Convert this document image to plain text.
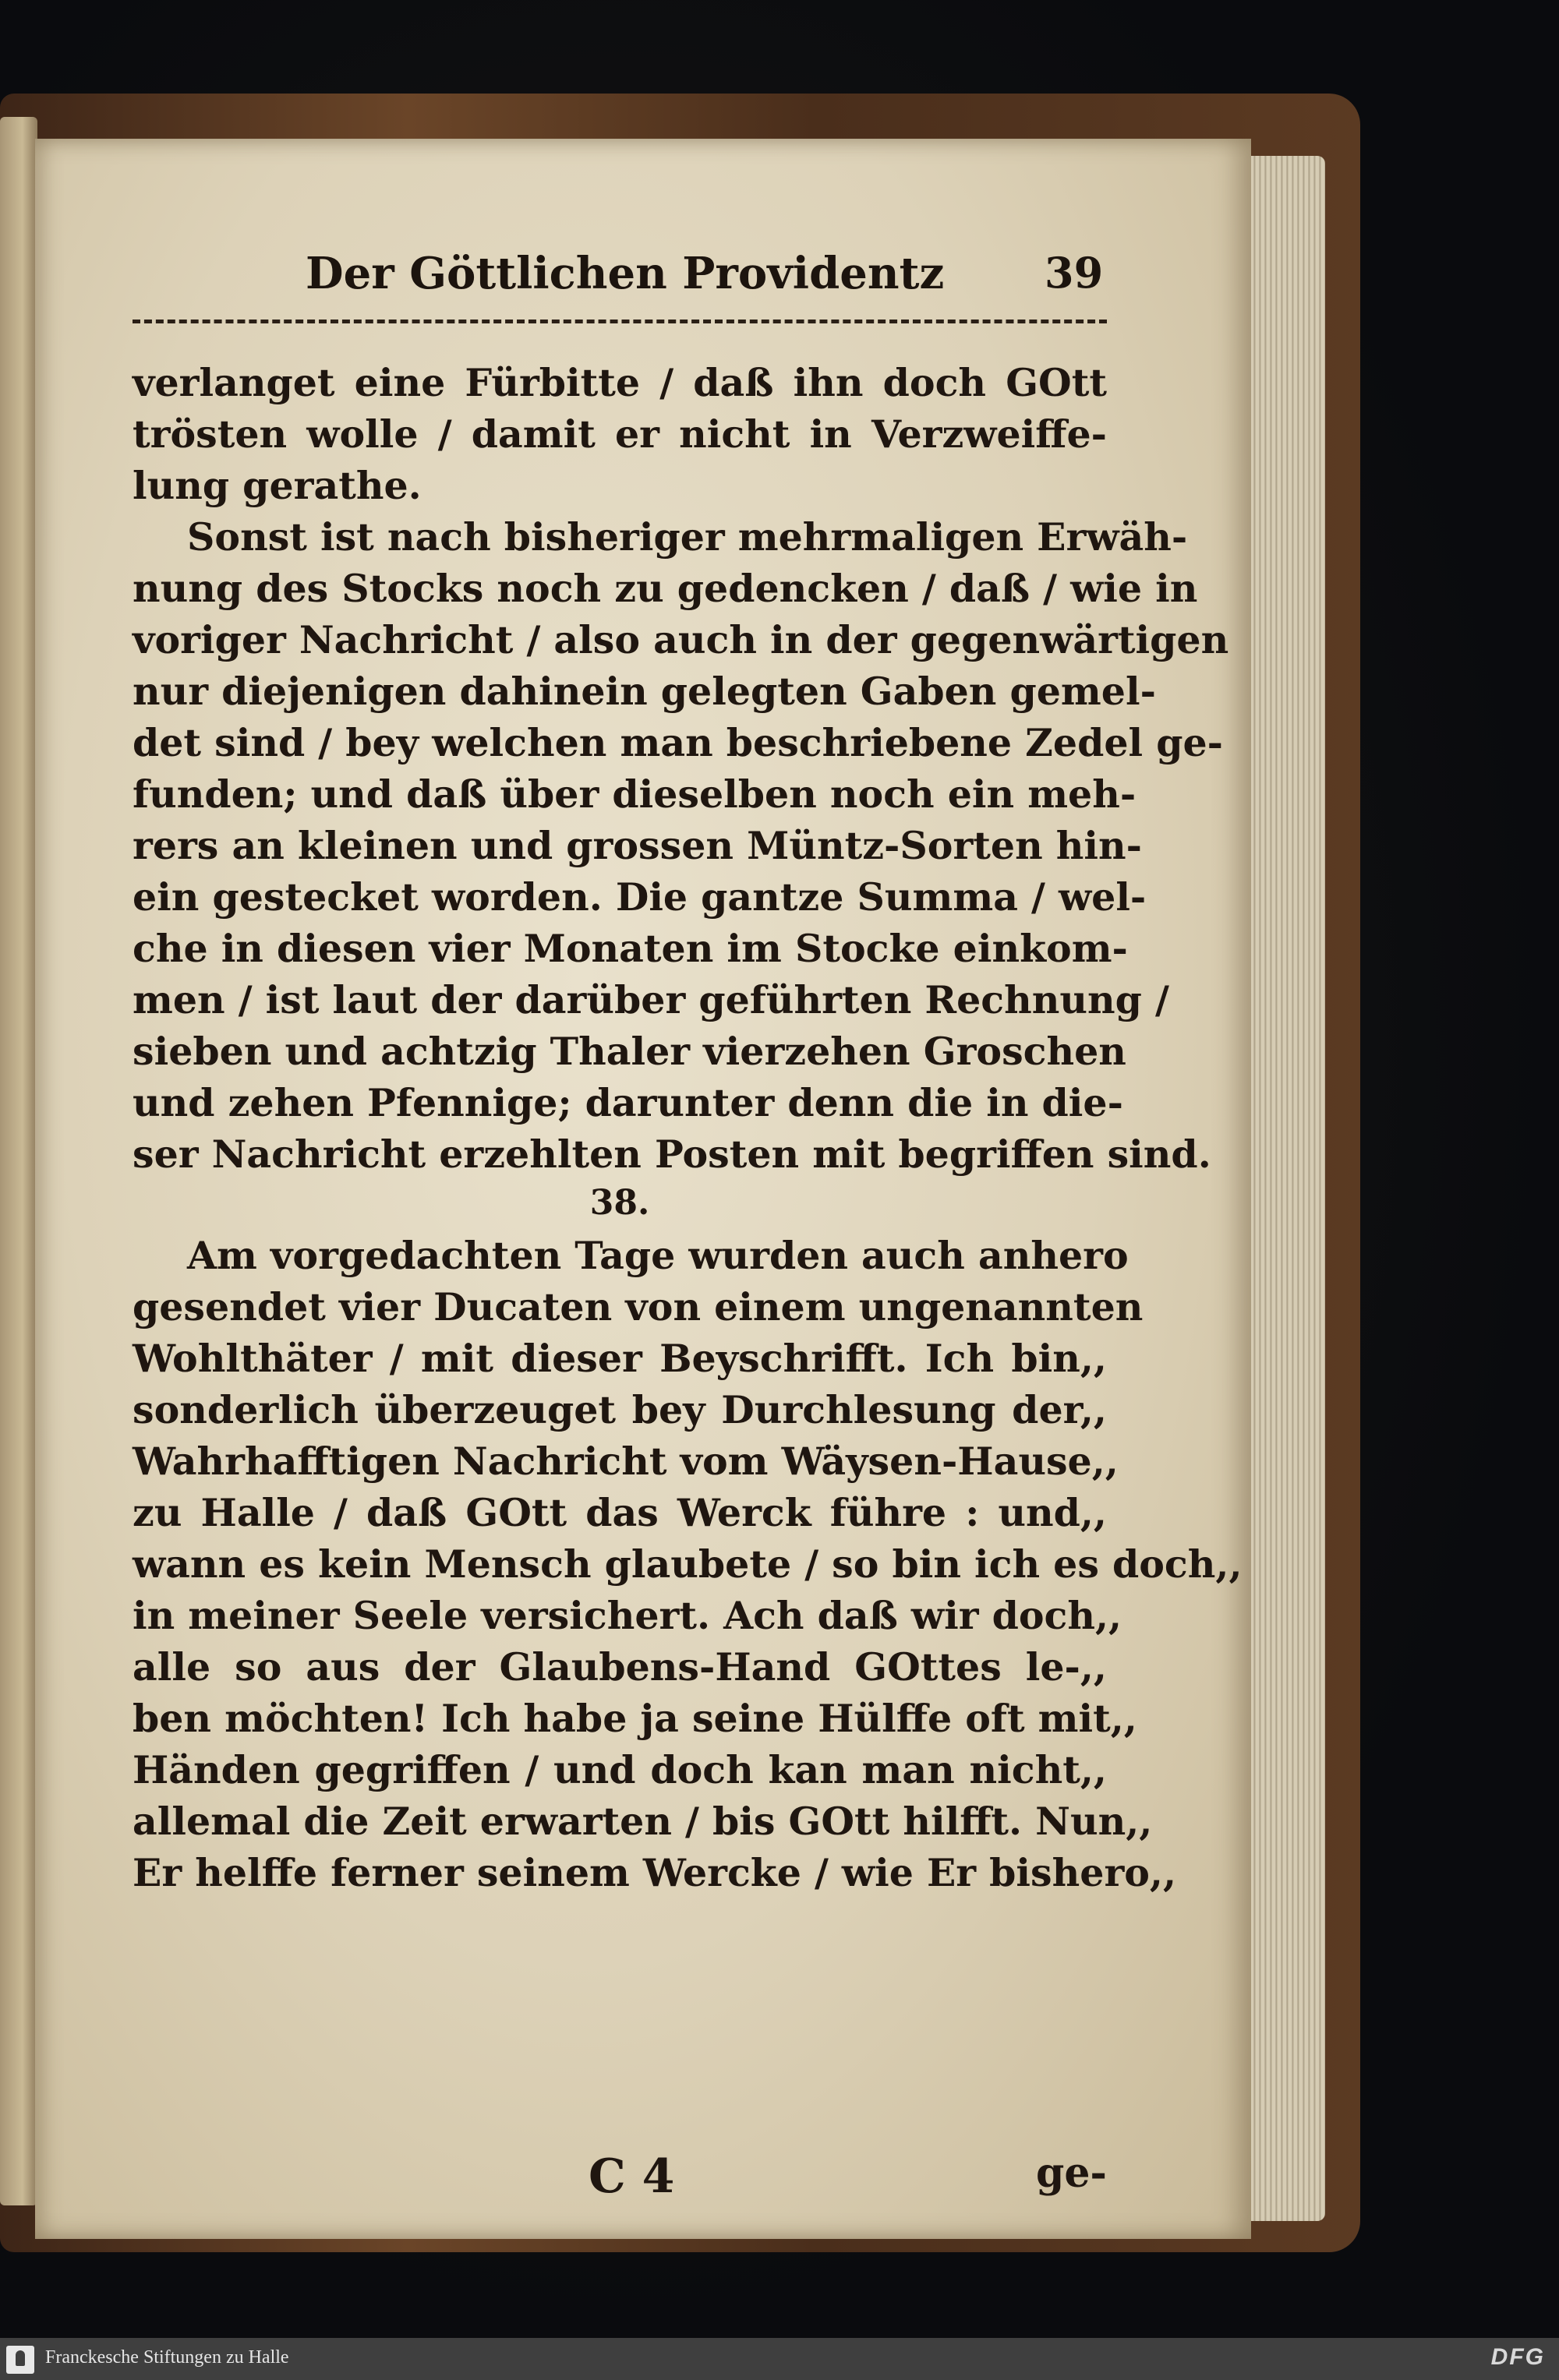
Der Göttlichen Providentz 39
verlanget eine Fürbitte / daß ihn doch GOtt
trösten wolle / damit er nicht in Verzweiffe-
lung gerathe.
Sonst ist nach bisheriger mehrmaligen Erwäh-
nung des Stocks noch zu gedencken / daß / wie in
voriger Nachricht / also auch in der gegenwärtigen
nur diejenigen dahinein gelegten Gaben gemel-
det sind / bey welchen man beschriebene Zedel ge-
funden; und daß über dieselben noch ein meh-
rers an kleinen und grossen Müntz-Sorten hin-
ein gestecket worden. Die gantze Summa / wel-
che in diesen vier Monaten im Stocke einkom-
men / ist laut der darüber geführten Rechnung /
sieben und achtzig Thaler vierzehen Groschen
und zehen Pfennige; darunter denn die in die-
ser Nachricht erzehlten Posten mit begriffen sind.
38.
Am vorgedachten Tage wurden auch anhero
gesendet vier Ducaten von einem ungenannten
Wohlthäter / mit dieser Beyschrifft. Ich bin,,
sonderlich überzeuget bey Durchlesung der,,
Wahrhafftigen Nachricht vom Wäysen-Hause,,
zu Halle / daß GOtt das Werck führe : und,,
wann es kein Mensch glaubete / so bin ich es doch,,
in meiner Seele versichert. Ach daß wir doch,,
alle so aus der Glaubens-Hand GOttes le-,,
ben möchten! Ich habe ja seine Hülffe oft mit,,
Händen gegriffen / und doch kan man nicht,,
allemal die Zeit erwarten / bis GOtt hilfft. Nun,,
Er helffe ferner seinem Wercke / wie Er bishero,,
C 4	ge-
Franckesche Stiftungen zu Halle	DFG
